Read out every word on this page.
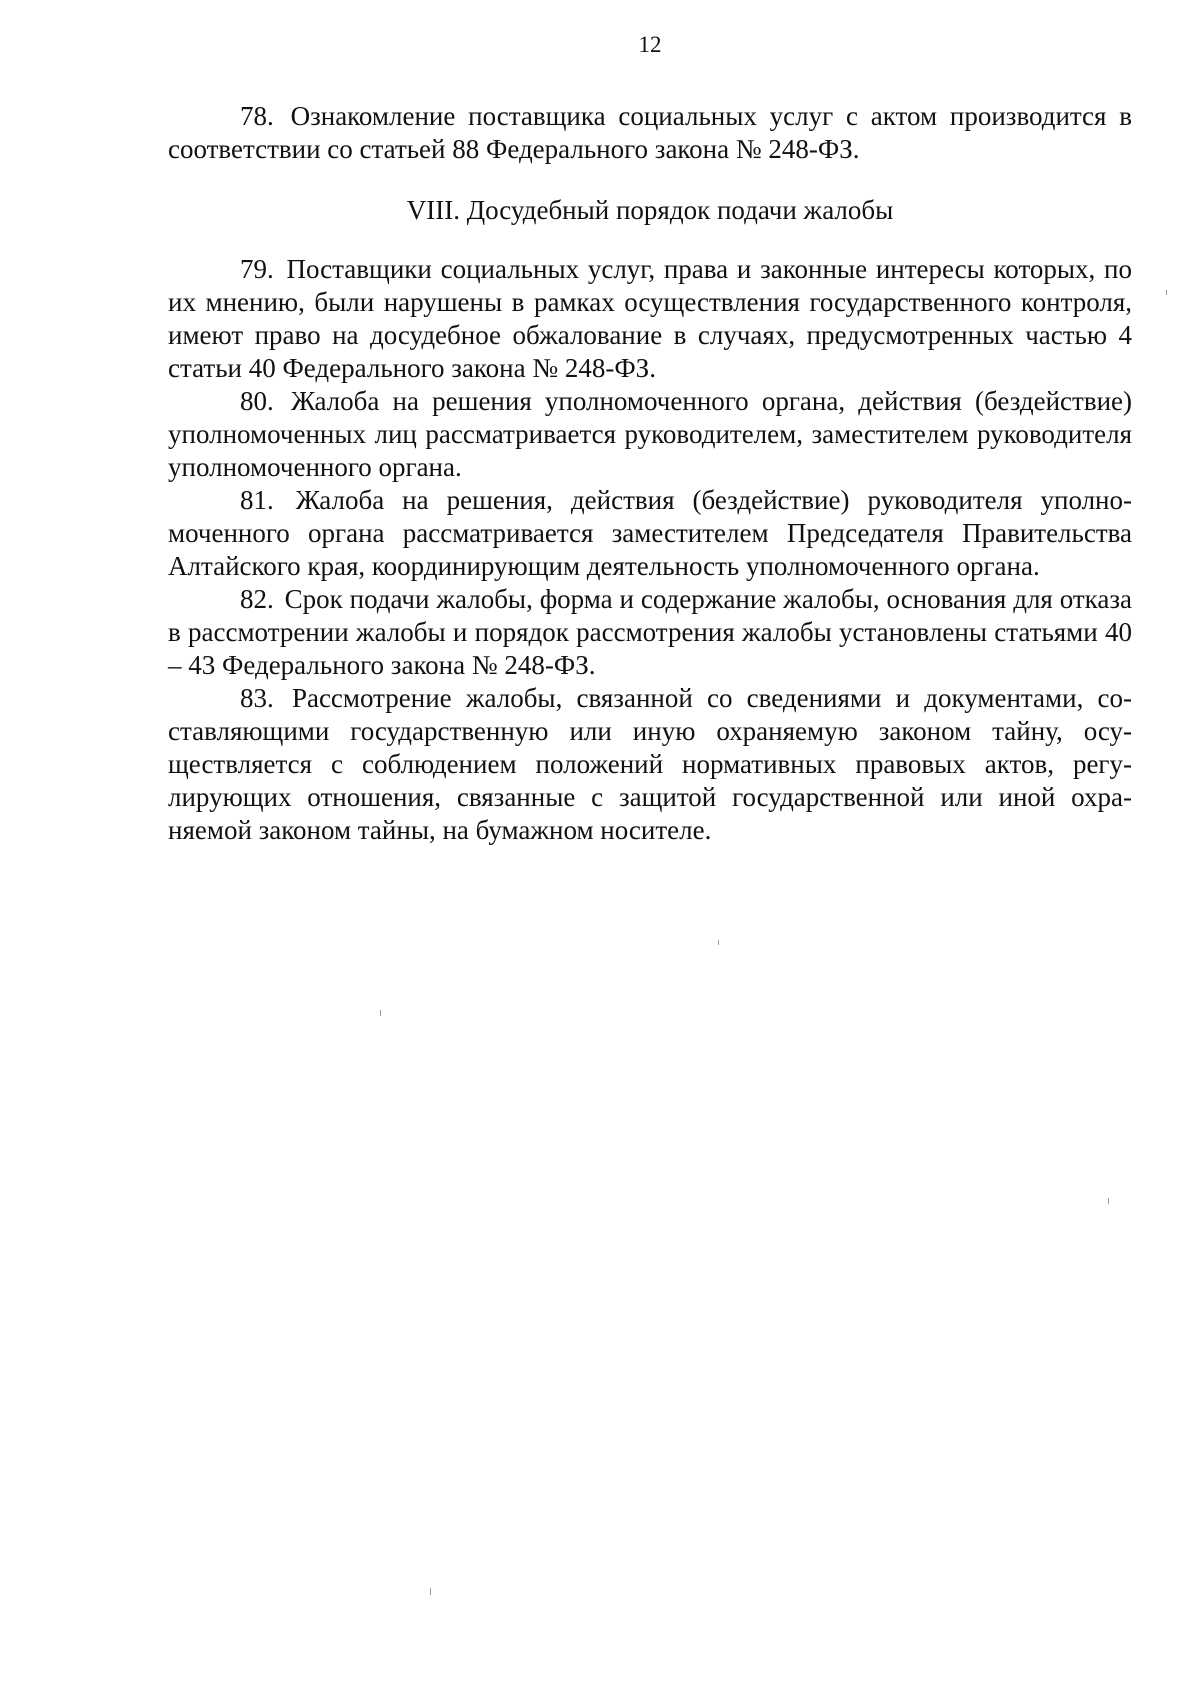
12

78. Ознакомление поставщика социальных услуг с актом производится в соответствии со статьей 88 Федерального закона № 248-ФЗ.

VIII. Досудебный порядок подачи жалобы

79. Поставщики социальных услуг, права и законные интересы которых, по их мнению, были нарушены в рамках осуществления государственного контроля, имеют право на досудебное обжалование в случаях, предусмотренных частью 4 статьи 40 Федерального закона № 248-ФЗ.

80. Жалоба на решения уполномоченного органа, действия (бездействие) уполномоченных лиц рассматривается руководителем, заместителем руководителя уполномоченного органа.

81. Жалоба на решения, действия (бездействие) руководителя уполномоченного органа рассматривается заместителем Председателя Правительства Алтайского края, координирующим деятельность уполномоченного органа.

82. Срок подачи жалобы, форма и содержание жалобы, основания для отказа в рассмотрении жалобы и порядок рассмотрения жалобы установлены статьями 40 – 43 Федерального закона № 248-ФЗ.

83. Рассмотрение жалобы, связанной со сведениями и документами, составляющими государственную или иную охраняемую законом тайну, осуществляется с соблюдением положений нормативных правовых актов, регулирующих отношения, связанные с защитой государственной или иной охраняемой законом тайны, на бумажном носителе.
